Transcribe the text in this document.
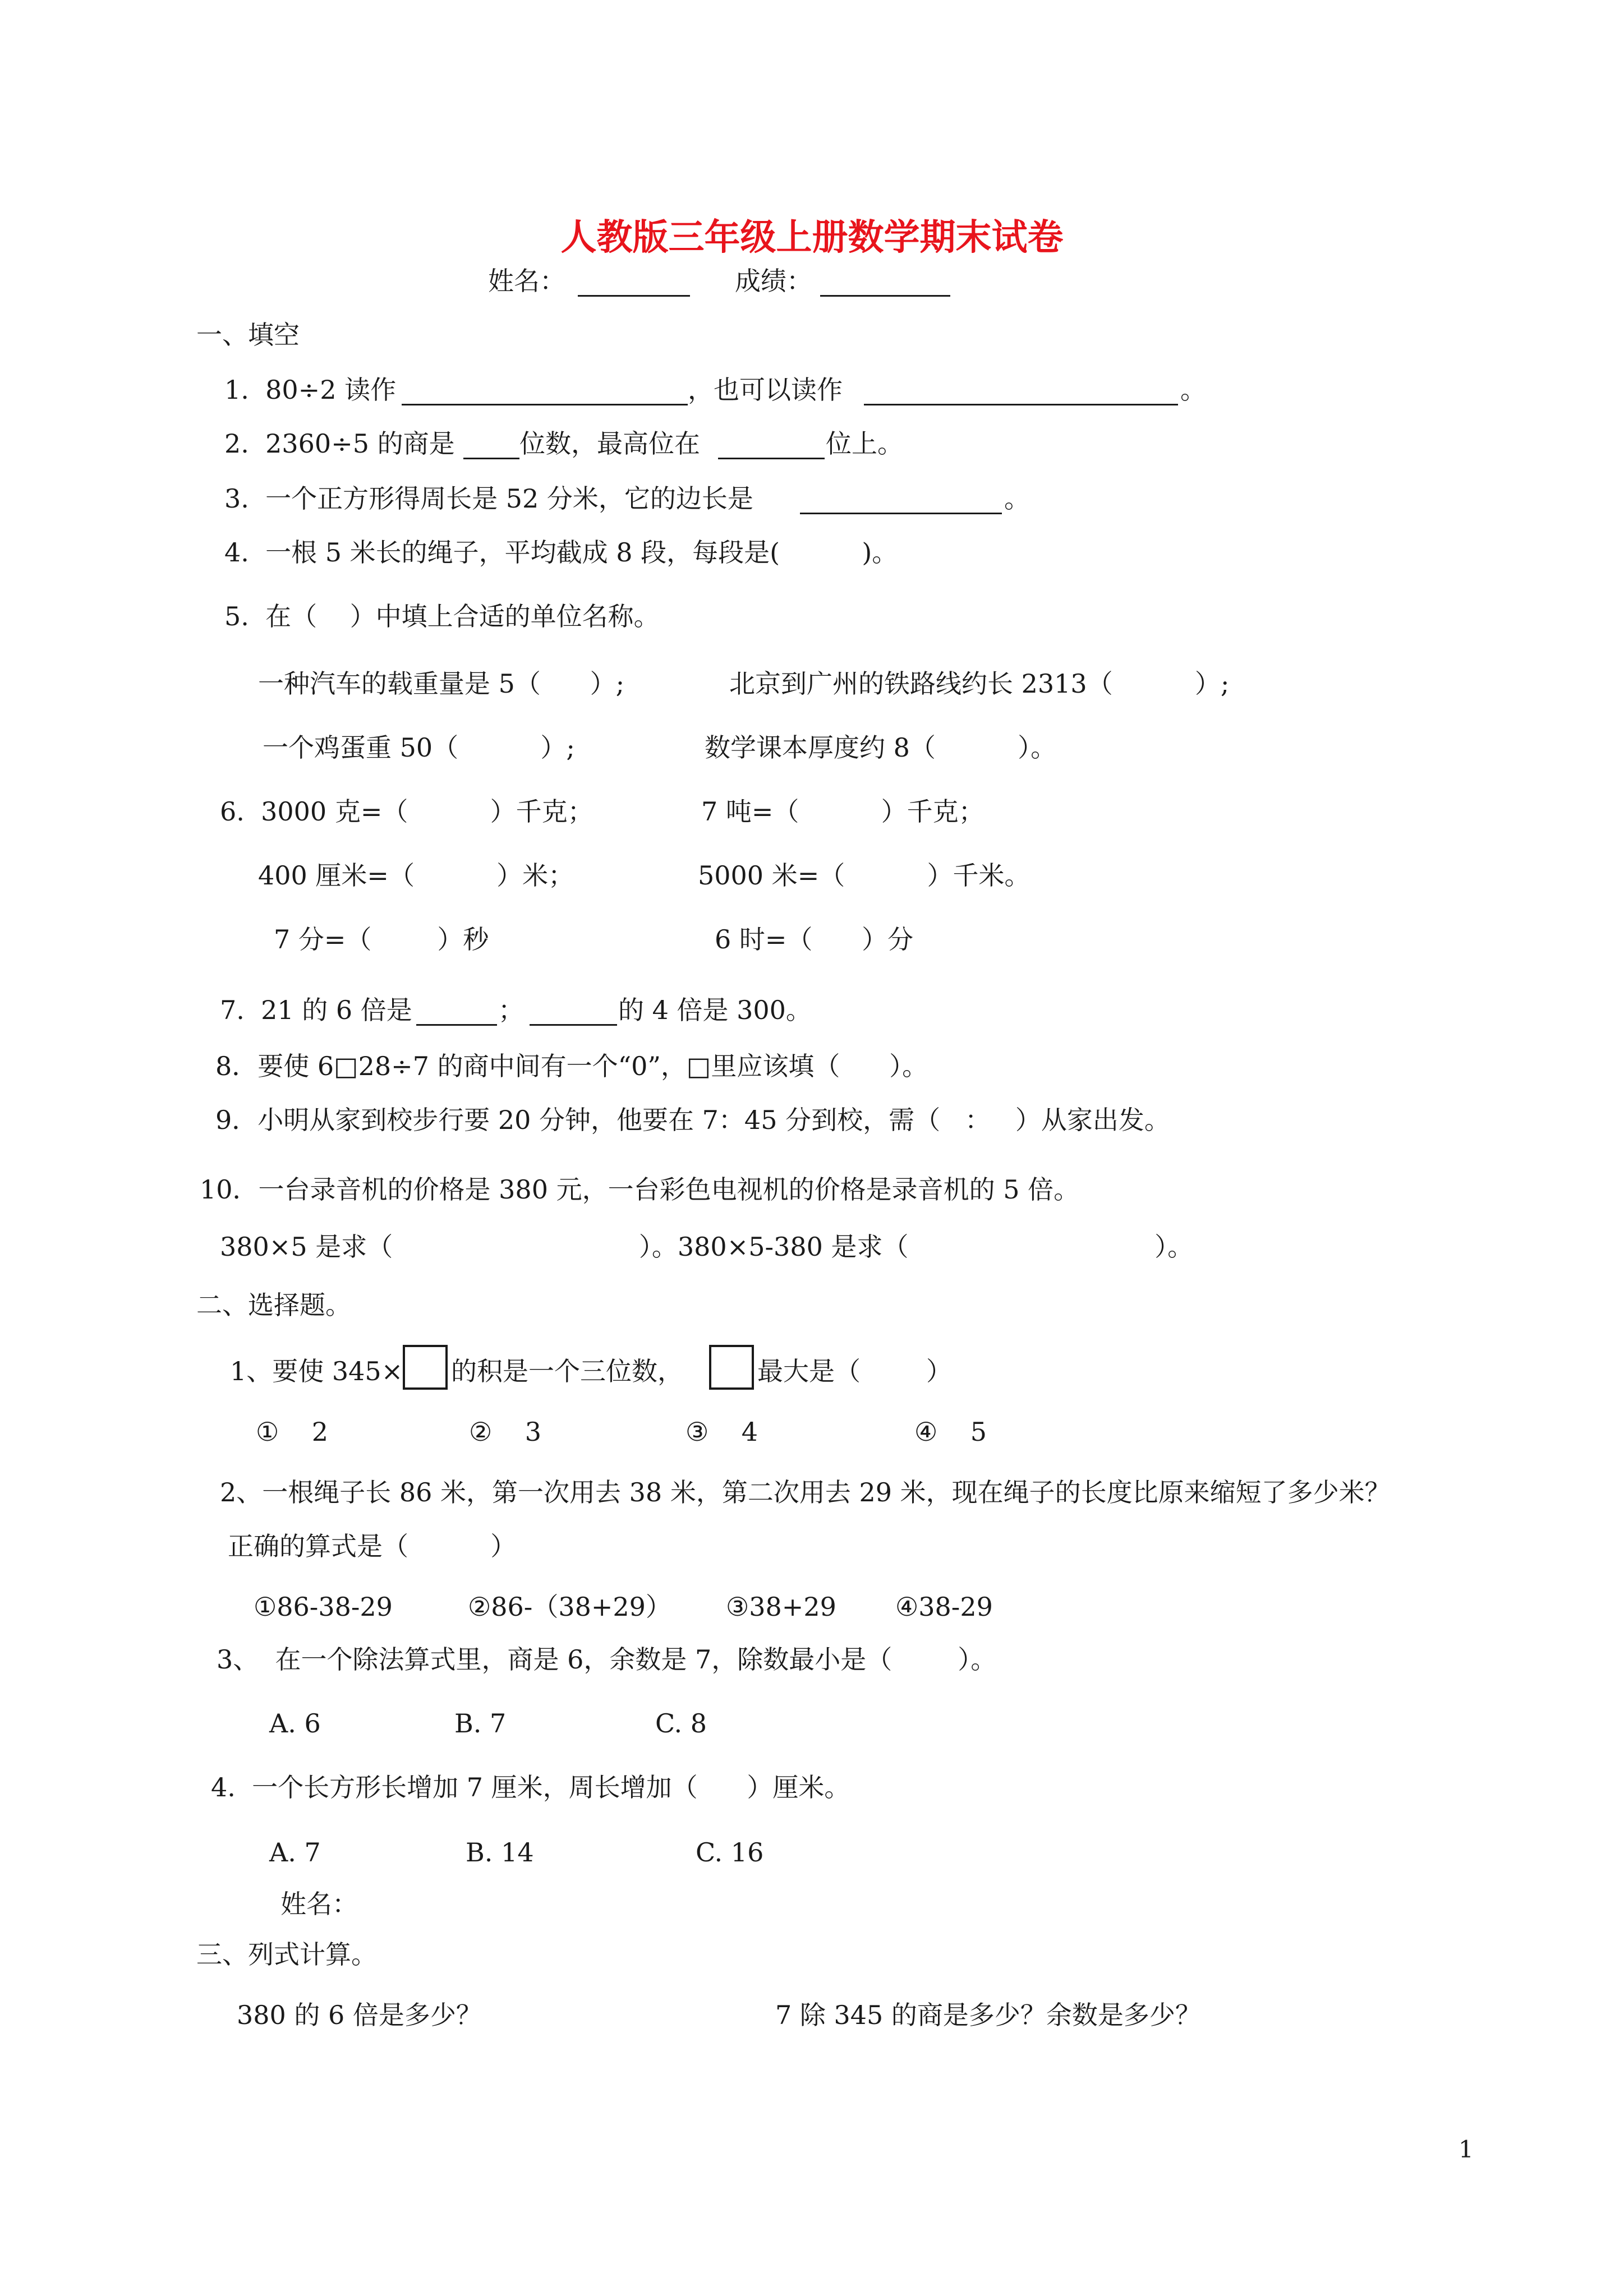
人教版三年级上册数学期末试卷
姓名：	成绩：
一、填空
1.  80÷2 读作	，也可以读作	。
2.  2360÷5 的商是	位数，最高位在	位上。
3.  一个正方形得周长是 52 分米，它的边长是	。
4.  一根 5 米长的绳子，平均截成 8 段，每段是(          )。
5.  在（    ）中填上合适的单位名称。
一种汽车的载重量是 5（      ）;	北京到广州的铁路线约长 2313（          ）;
一个鸡蛋重 50（          ）;	数学课本厚度约 8（          ）。
6.  3000 克=（          ）千克；	7 吨=（          ）千克；
400 厘米=（          ）米；	5000 米=（          ）千米。
7 分=（        ）秒	6 时=（      ）分
7.  21 的 6 倍是	；	的 4 倍是 300。
8．要使 6□28÷7 的商中间有一个“0”，□里应该填（      ）。
9．小明从家到校步行要 20 分钟，他要在 7：45 分到校，需（   ：   ）从家出发。
10．一台录音机的价格是 380 元，一台彩色电视机的价格是录音机的 5 倍。
380×5 是求（                              ）。380×5-380 是求（                              ）。
二、选择题。
1、要使 345× 的积是一个三位数，	最大是（        ）
①    2	②    3	③    4	④    5
2、一根绳子长 86 米，第一次用去 38 米，第二次用去 29 米，现在绳子的长度比原来缩短了多少米？
正确的算式是（          ）
①86-38-29	②86-（38+29） ③38+29 ④38-29
3、  在一个除法算式里，商是 6，余数是 7，除数最小是（        ）。
A. 6	B. 7	C. 8
4.  一个长方形长增加 7 厘米，周长增加（      ）厘米。
A. 7	B. 14	C. 16
姓名：
三、列式计算。
380 的 6 倍是多少？	7 除 345 的商是多少？余数是多少？
1
